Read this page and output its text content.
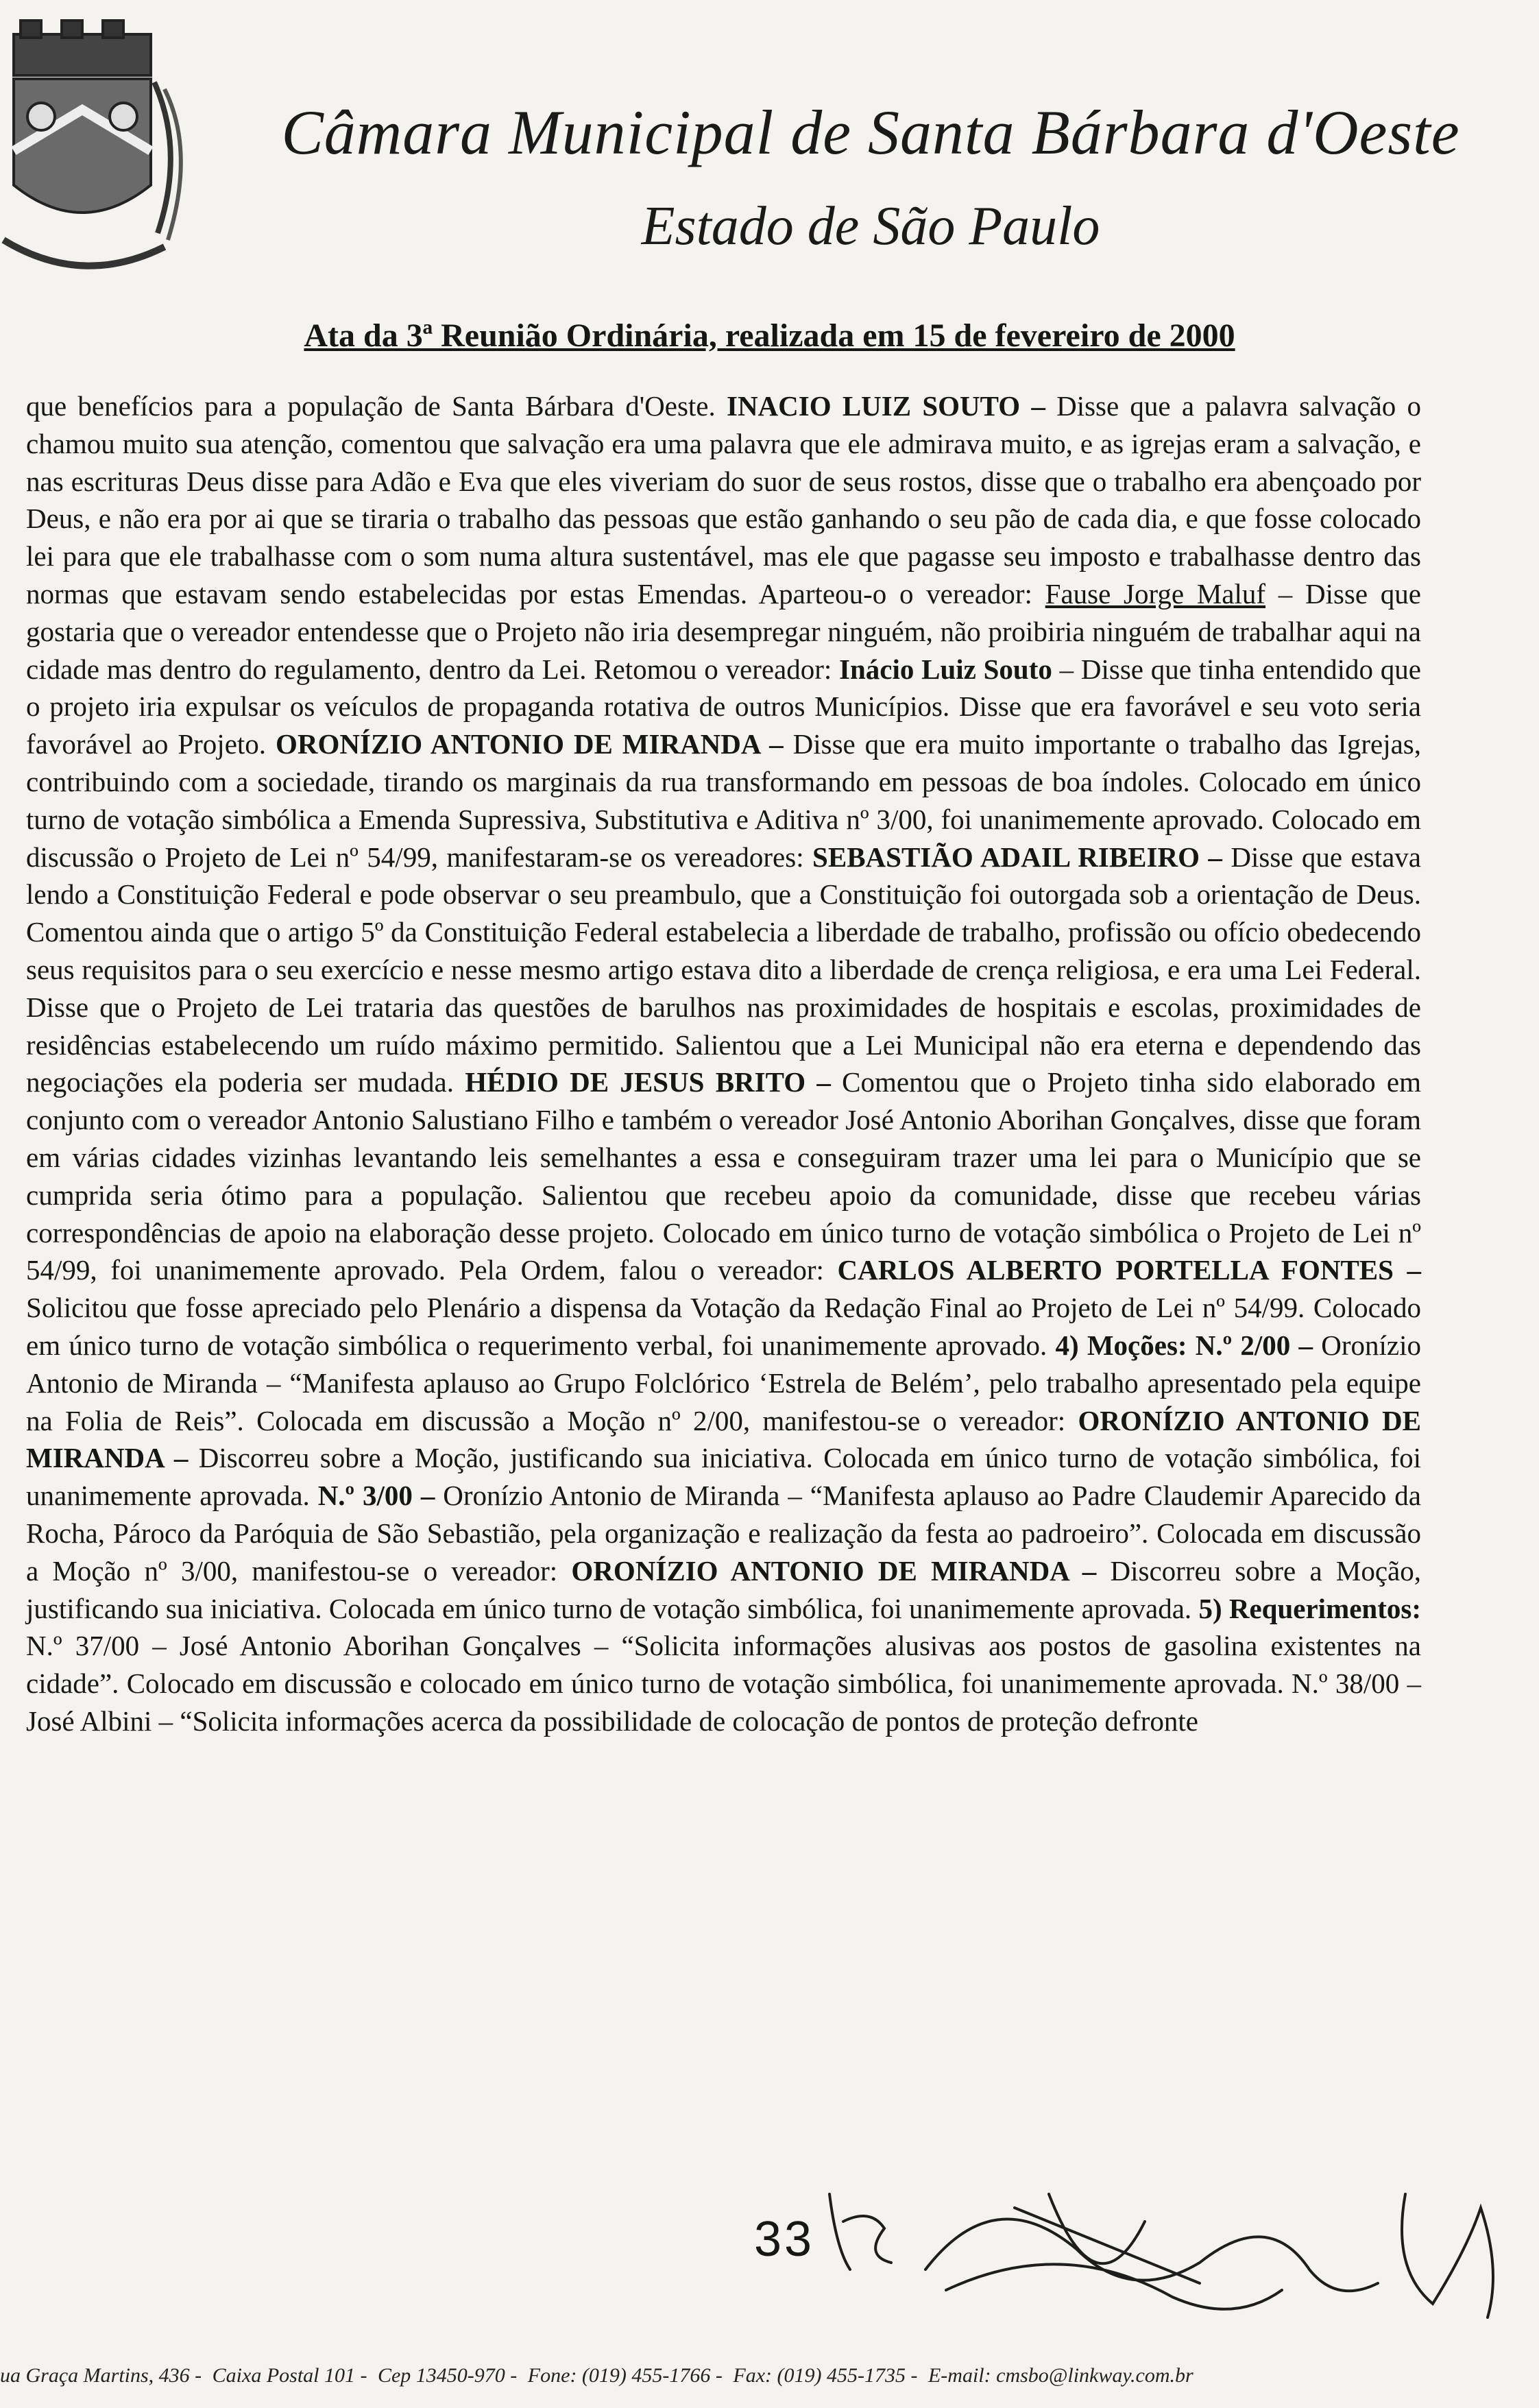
Câmara Municipal de Santa Bárbara d'Oeste
Estado de São Paulo
Ata da 3ª Reunião Ordinária, realizada em 15 de fevereiro de 2000

que benefícios para a população de Santa Bárbara d'Oeste. INACIO LUIZ SOUTO – Disse que a palavra salvação o chamou muito sua atenção, comentou que salvação era uma palavra que ele admirava muito, e as igrejas eram a salvação, e nas escrituras Deus disse para Adão e Eva que eles viveriam do suor de seus rostos, disse que o trabalho era abençoado por Deus, e não era por ai que se tiraria o trabalho das pessoas que estão ganhando o seu pão de cada dia, e que fosse colocado lei para que ele trabalhasse com o som numa altura sustentável, mas ele que pagasse seu imposto e trabalhasse dentro das normas que estavam sendo estabelecidas por estas Emendas. Aparteou-o o vereador: Fause Jorge Maluf – Disse que gostaria que o vereador entendesse que o Projeto não iria desempregar ninguém, não proibiria ninguém de trabalhar aqui na cidade mas dentro do regulamento, dentro da Lei. Retomou o vereador: Inácio Luiz Souto – Disse que tinha entendido que o projeto iria expulsar os veículos de propaganda rotativa de outros Municípios. Disse que era favorável e seu voto seria favorável ao Projeto. ORONÍZIO ANTONIO DE MIRANDA – Disse que era muito importante o trabalho das Igrejas, contribuindo com a sociedade, tirando os marginais da rua transformando em pessoas de boa índoles. Colocado em único turno de votação simbólica a Emenda Supressiva, Substitutiva e Aditiva nº 3/00, foi unanimemente aprovado. Colocado em discussão o Projeto de Lei nº 54/99, manifestaram-se os vereadores: SEBASTIÃO ADAIL RIBEIRO – Disse que estava lendo a Constituição Federal e pode observar o seu preambulo, que a Constituição foi outorgada sob a orientação de Deus. Comentou ainda que o artigo 5º da Constituição Federal estabelecia a liberdade de trabalho, profissão ou ofício obedecendo seus requisitos para o seu exercício e nesse mesmo artigo estava dito a liberdade de crença religiosa, e era uma Lei Federal. Disse que o Projeto de Lei trataria das questões de barulhos nas proximidades de hospitais e escolas, proximidades de residências estabelecendo um ruído máximo permitido. Salientou que a Lei Municipal não era eterna e dependendo das negociações ela poderia ser mudada. HÉDIO DE JESUS BRITO – Comentou que o Projeto tinha sido elaborado em conjunto com o vereador Antonio Salustiano Filho e também o vereador José Antonio Aborihan Gonçalves, disse que foram em várias cidades vizinhas levantando leis semelhantes a essa e conseguiram trazer uma lei para o Município que se cumprida seria ótimo para a população. Salientou que recebeu apoio da comunidade, disse que recebeu várias correspondências de apoio na elaboração desse projeto. Colocado em único turno de votação simbólica o Projeto de Lei nº 54/99, foi unanimemente aprovado. Pela Ordem, falou o vereador: CARLOS ALBERTO PORTELLA FONTES – Solicitou que fosse apreciado pelo Plenário a dispensa da Votação da Redação Final ao Projeto de Lei nº 54/99. Colocado em único turno de votação simbólica o requerimento verbal, foi unanimemente aprovado. 4) Moções: N.º 2/00 – Oronízio Antonio de Miranda – “Manifesta aplauso ao Grupo Folclórico ‘Estrela de Belém’, pelo trabalho apresentado pela equipe na Folia de Reis”. Colocada em discussão a Moção nº 2/00, manifestou-se o vereador: ORONÍZIO ANTONIO DE MIRANDA – Discorreu sobre a Moção, justificando sua iniciativa. Colocada em único turno de votação simbólica, foi unanimemente aprovada. N.º 3/00 – Oronízio Antonio de Miranda – “Manifesta aplauso ao Padre Claudemir Aparecido da Rocha, Pároco da Paróquia de São Sebastião, pela organização e realização da festa ao padroeiro”. Colocada em discussão a Moção nº 3/00, manifestou-se o vereador: ORONÍZIO ANTONIO DE MIRANDA – Discorreu sobre a Moção, justificando sua iniciativa. Colocada em único turno de votação simbólica, foi unanimemente aprovada. 5) Requerimentos: N.º 37/00 – José Antonio Aborihan Gonçalves – “Solicita informações alusivas aos postos de gasolina existentes na cidade”. Colocado em discussão e colocado em único turno de votação simbólica, foi unanimemente aprovada. N.º 38/00 – José Albini – “Solicita informações acerca da possibilidade de colocação de pontos de proteção defronte

33
ua Graça Martins, 436 - Caixa Postal 101 - Cep 13450-970 - Fone: (019) 455-1766 - Fax: (019) 455-1735 - E-mail: cmsbo@linkway.com.br
